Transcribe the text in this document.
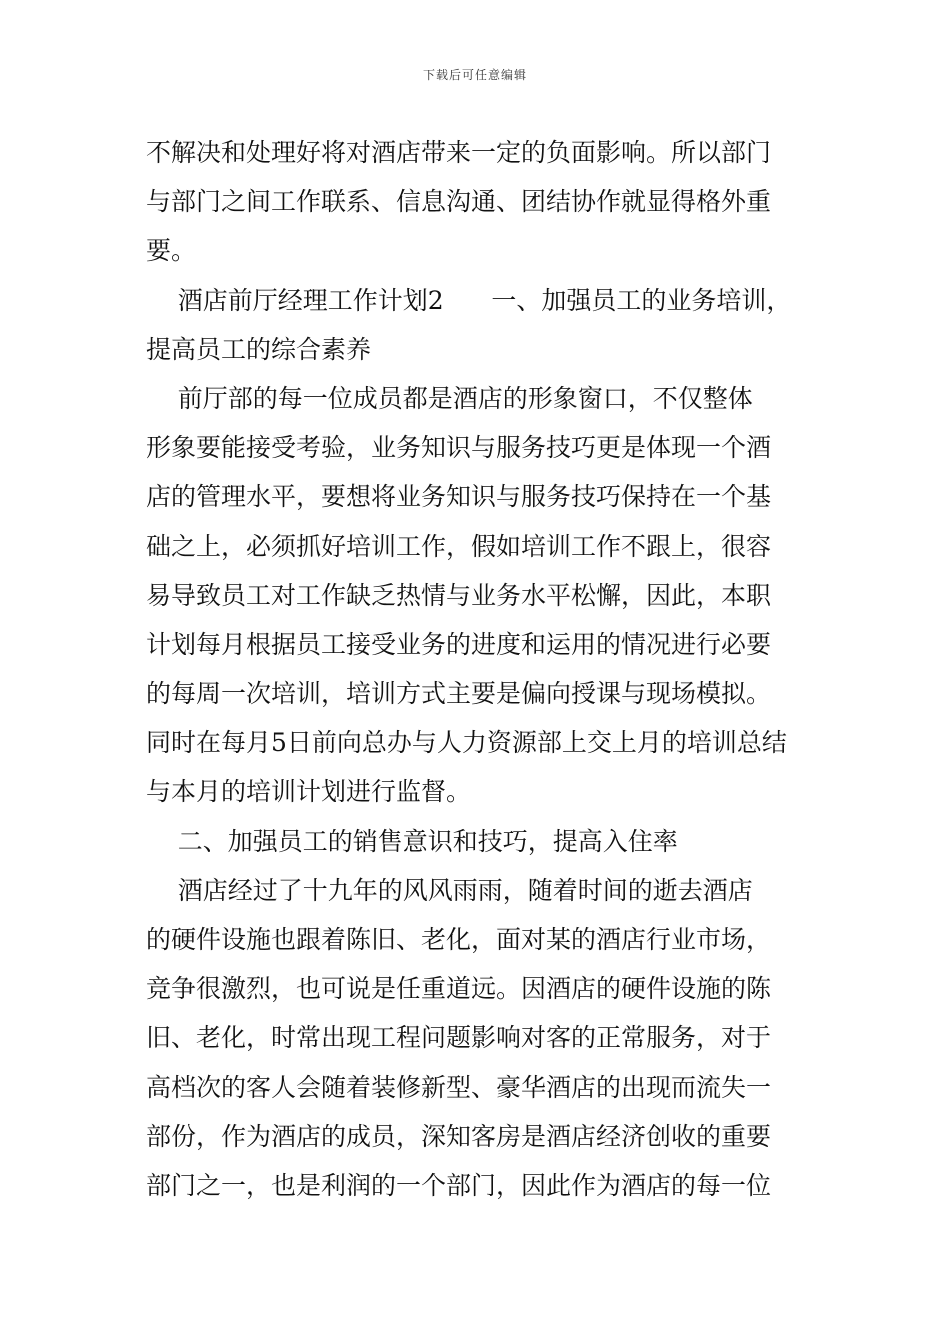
下载后可任意编辑
不解决和处理好将对酒店带来一定的负面影响。所以部门
与部门之间工作联系、信息沟通、团结协作就显得格外重
要。
酒店前厅经理工作计划2      一、加强员工的业务培训，
提高员工的综合素养
前厅部的每一位成员都是酒店的形象窗口，不仅整体
形象要能接受考验，业务知识与服务技巧更是体现一个酒
店的管理水平，要想将业务知识与服务技巧保持在一个基
础之上，必须抓好培训工作，假如培训工作不跟上，很容
易导致员工对工作缺乏热情与业务水平松懈，因此，本职
计划每月根据员工接受业务的进度和运用的情况进行必要
的每周一次培训，培训方式主要是偏向授课与现场模拟。
同时在每月5日前向总办与人力资源部上交上月的培训总结
与本月的培训计划进行监督。
二、加强员工的销售意识和技巧，提高入住率
酒店经过了十九年的风风雨雨，随着时间的逝去酒店
的硬件设施也跟着陈旧、老化，面对某的酒店行业市场，
竞争很激烈，也可说是任重道远。因酒店的硬件设施的陈
旧、老化，时常出现工程问题影响对客的正常服务，对于
高档次的客人会随着装修新型、豪华酒店的出现而流失一
部份，作为酒店的成员，深知客房是酒店经济创收的重要
部门之一，也是利润的一个部门，因此作为酒店的每一位
